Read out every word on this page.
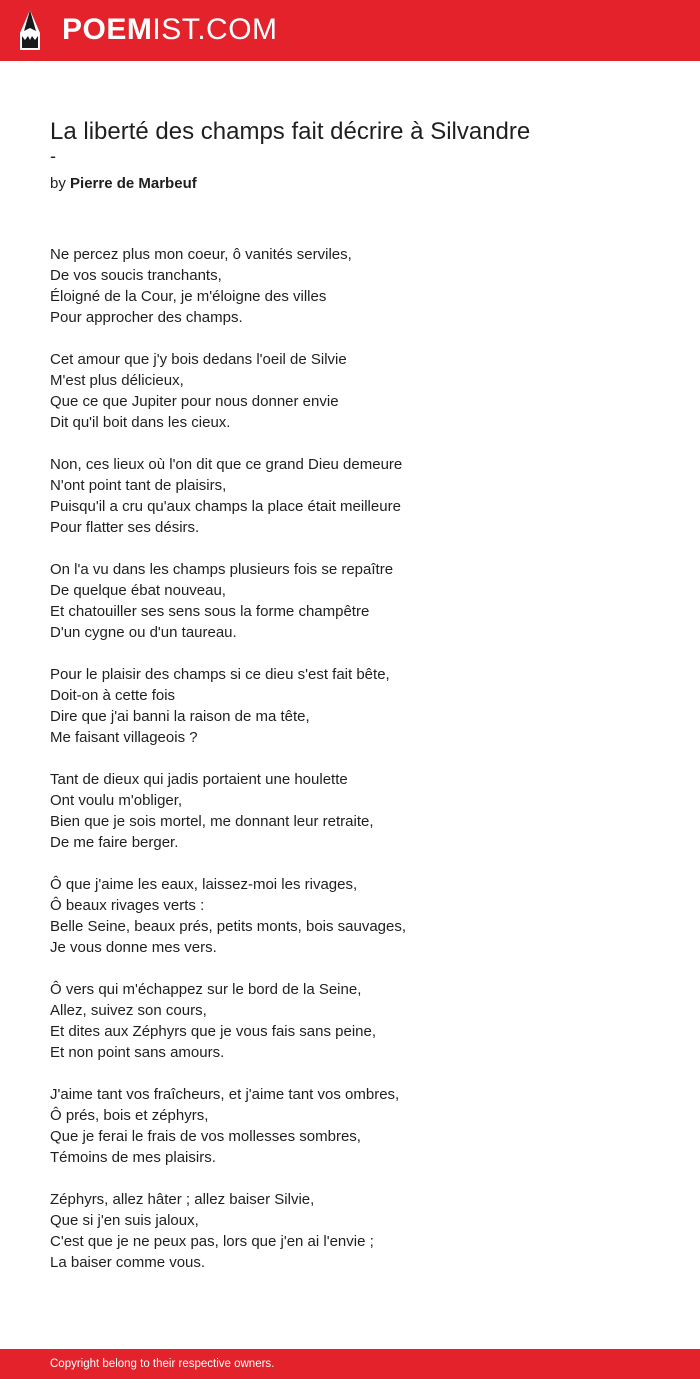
POEMIST.COM
La liberté des champs fait décrire à Silvandre
-
by Pierre de Marbeuf
Ne percez plus mon coeur, ô vanités serviles,
De vos soucis tranchants,
Éloigné de la Cour, je m'éloigne des villes
Pour approcher des champs.
Cet amour que j'y bois dedans l'oeil de Silvie
M'est plus délicieux,
Que ce que Jupiter pour nous donner envie
Dit qu'il boit dans les cieux.
Non, ces lieux où l'on dit que ce grand Dieu demeure
N'ont point tant de plaisirs,
Puisqu'il a cru qu'aux champs la place était meilleure
Pour flatter ses désirs.
On l'a vu dans les champs plusieurs fois se repaître
De quelque ébat nouveau,
Et chatouiller ses sens sous la forme champêtre
D'un cygne ou d'un taureau.
Pour le plaisir des champs si ce dieu s'est fait bête,
Doit-on à cette fois
Dire que j'ai banni la raison de ma tête,
Me faisant villageois ?
Tant de dieux qui jadis portaient une houlette
Ont voulu m'obliger,
Bien que je sois mortel, me donnant leur retraite,
De me faire berger.
Ô que j'aime les eaux, laissez-moi les rivages,
Ô beaux rivages verts :
Belle Seine, beaux prés, petits monts, bois sauvages,
Je vous donne mes vers.
Ô vers qui m'échappez sur le bord de la Seine,
Allez, suivez son cours,
Et dites aux Zéphyrs que je vous fais sans peine,
Et non point sans amours.
J'aime tant vos fraîcheurs, et j'aime tant vos ombres,
Ô prés, bois et zéphyrs,
Que je ferai le frais de vos mollesses sombres,
Témoins de mes plaisirs.
Zéphyrs, allez hâter ; allez baiser Silvie,
Que si j'en suis jaloux,
C'est que je ne peux pas, lors que j'en ai l'envie ;
La baiser comme vous.
Copyright belong to their respective owners.
